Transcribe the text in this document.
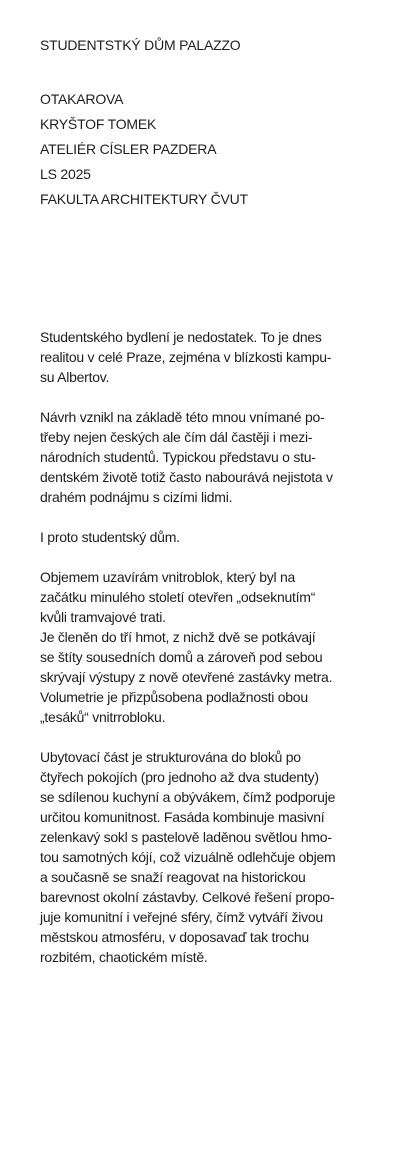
STUDENTSTKÝ DŮM PALAZZO
OTAKAROVA
KRYŠTOF TOMEK
ATELIÉR CÍSLER PAZDERA
LS 2025
FAKULTA ARCHITEKTURY ČVUT

Studentského bydlení je nedostatek. To je dnes
realitou v celé Praze, zejména v blízkosti kampu-
su Albertov.

Návrh vznikl na základě této mnou vnímané po-
třeby nejen českých ale čím dál častěji i mezi-
národních studentů. Typickou představu o stu-
dentském životě totiž často nabourává nejistota v
drahém podnájmu s cizími lidmi.

I proto studentský dům.

Objemem uzavírám vnitroblok, který byl na
začátku minulého století otevřen „odseknutím“
kvůli tramvajové trati.
Je členěn do tří hmot, z nichž dvě se potkávají
se štíty sousedních domů a zároveň pod sebou
skrývají výstupy z nově otevřené zastávky metra.
Volumetrie je přizpůsobena podlažnosti obou
„tesáků“ vnitrrobloku.

Ubytovací část je strukturována do bloků po
čtyřech pokojích (pro jednoho až dva studenty)
se sdílenou kuchyní a obývákem, čímž podporuje
určitou komunitnost. Fasáda kombinuje masivní
zelenkavý sokl s pastelově laděnou světlou hmo-
tou samotných kójí, což vizuálně odlehčuje objem
a současně se snaží reagovat na historickou
barevnost okolní zástavby. Celkové řešení propo-
juje komunitní i veřejné sféry, čímž vytváří živou
městskou atmosféru, v doposavaď tak trochu
rozbitém, chaotickém místě.
